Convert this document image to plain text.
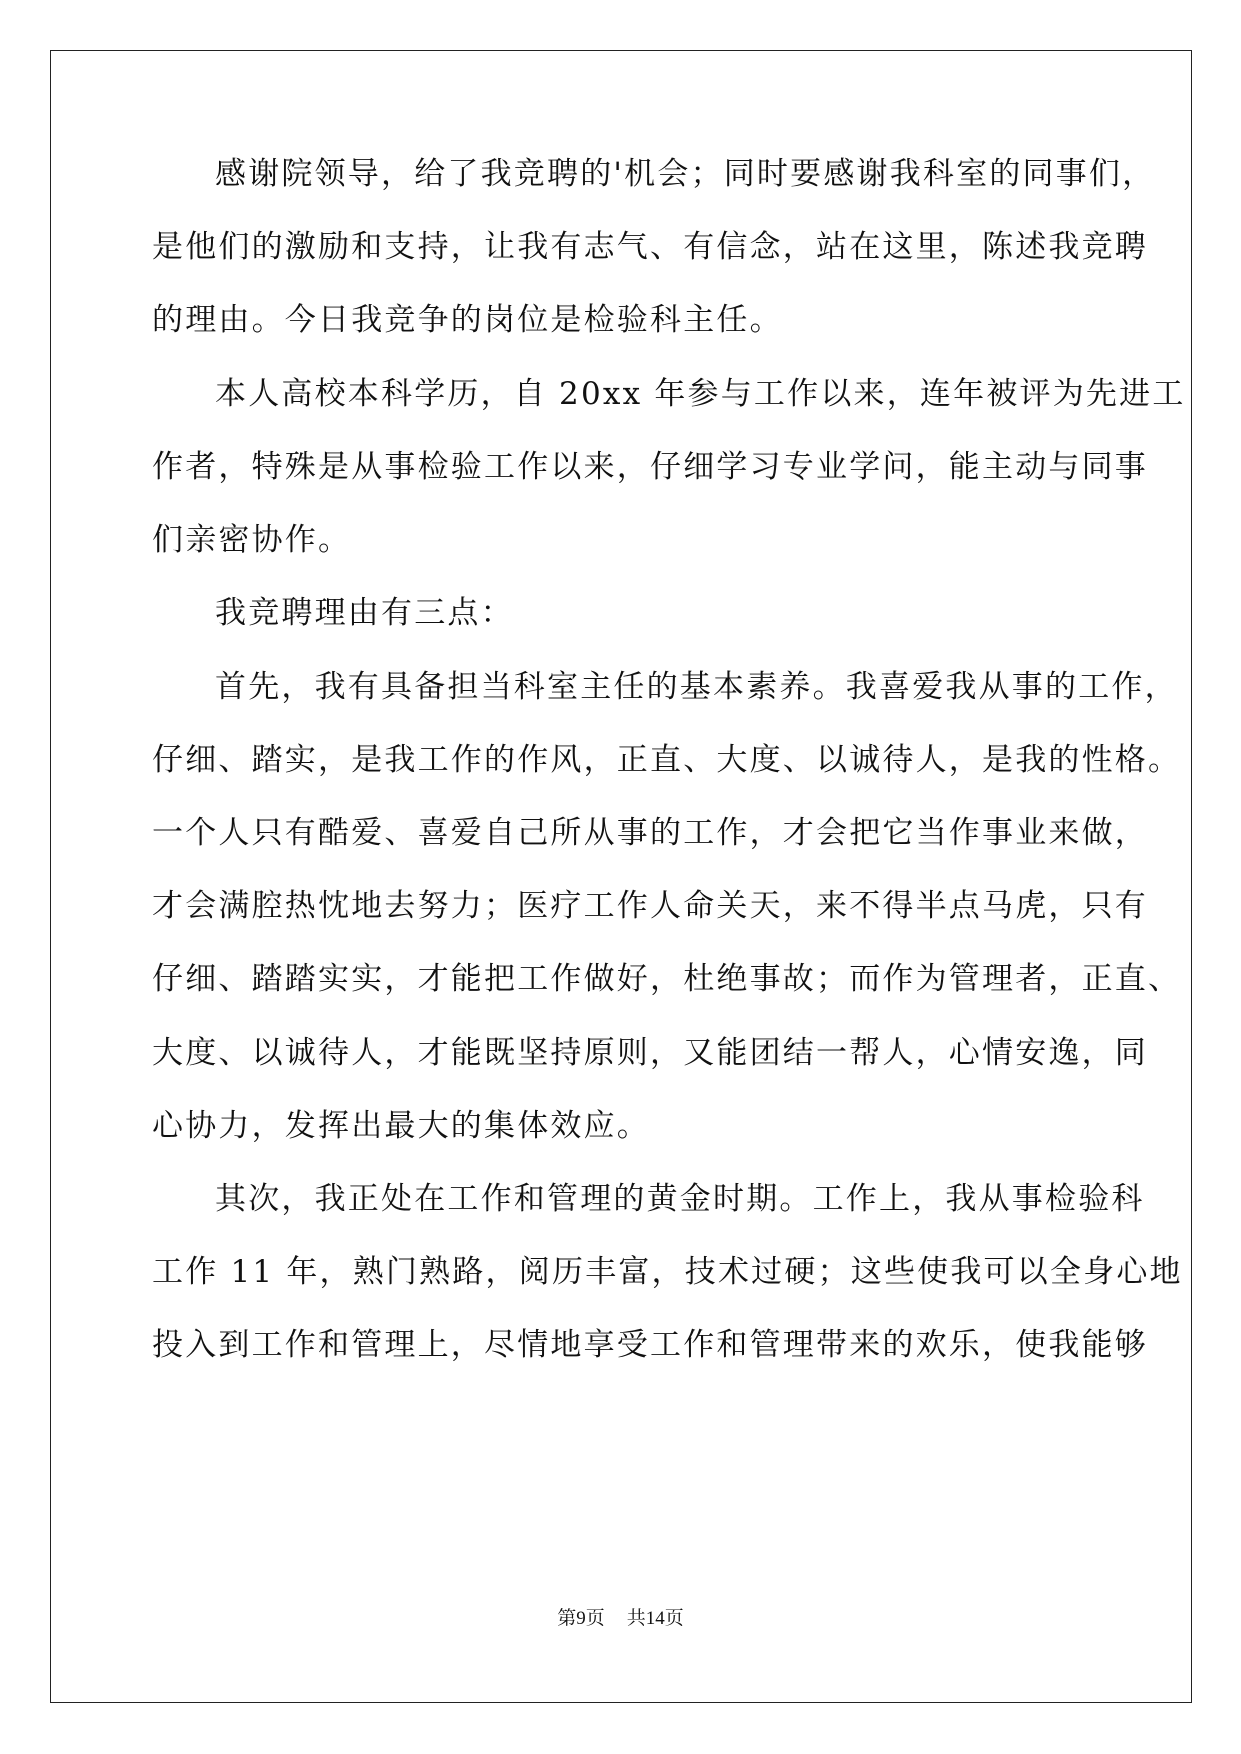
感谢院领导，给了我竞聘的'机会；同时要感谢我科室的同事们，
是他们的激励和支持，让我有志气、有信念，站在这里，陈述我竞聘
的理由。今日我竞争的岗位是检验科主任。
本人高校本科学历，自 20xx 年参与工作以来，连年被评为先进工
作者，特殊是从事检验工作以来，仔细学习专业学问，能主动与同事
们亲密协作。
我竞聘理由有三点：
首先，我有具备担当科室主任的基本素养。我喜爱我从事的工作，
仔细、踏实，是我工作的作风，正直、大度、以诚待人，是我的性格。
一个人只有酷爱、喜爱自己所从事的工作，才会把它当作事业来做，
才会满腔热忱地去努力；医疗工作人命关天，来不得半点马虎，只有
仔细、踏踏实实，才能把工作做好，杜绝事故；而作为管理者，正直、
大度、以诚待人，才能既坚持原则，又能团结一帮人，心情安逸，同
心协力，发挥出最大的集体效应。
其次，我正处在工作和管理的黄金时期。工作上，我从事检验科
工作 11 年，熟门熟路，阅历丰富，技术过硬；这些使我可以全身心地
投入到工作和管理上，尽情地享受工作和管理带来的欢乐，使我能够
第9页 共14页
